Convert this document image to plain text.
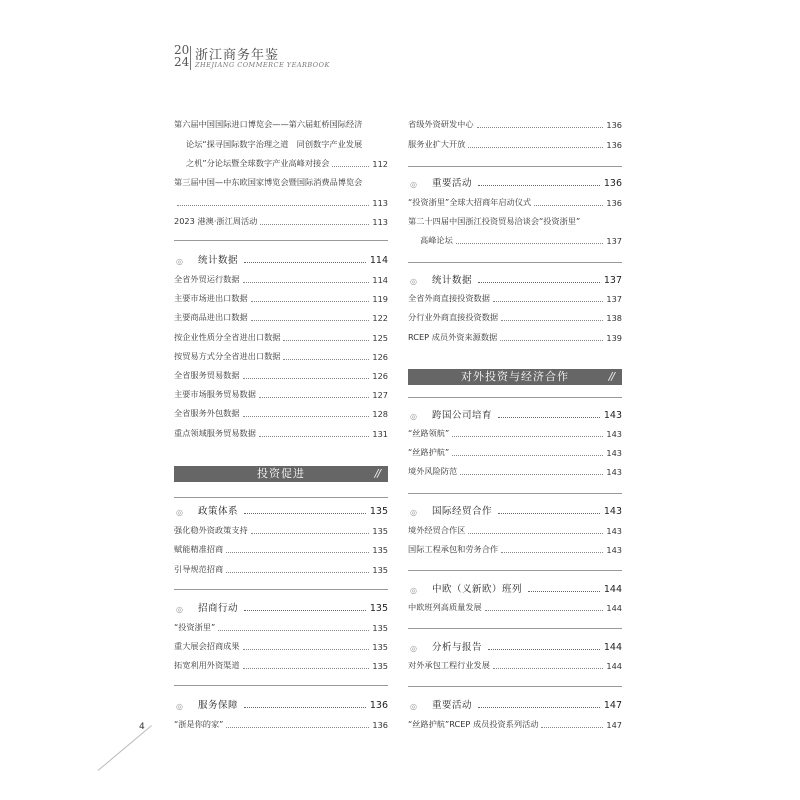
20
24 浙江商务年鉴
ZHEJIANG COMMERCE YEARBOOK
第六届中国国际进口博览会——第六届虹桥国际经济
论坛“探寻国际数字治理之道　同创数字产业发展
之机”分论坛暨全球数字产业高峰对接会	112
第三届中国—中东欧国家博览会暨国际消费品博览会
113
2023 港澳·浙江周活动	113
◎	统计数据	114
全省外贸运行数据	114
主要市场进出口数据	119
主要商品进出口数据	122
按企业性质分全省进出口数据	125
按贸易方式分全省进出口数据	126
全省服务贸易数据	126
主要市场服务贸易数据	127
全省服务外包数据	128
重点领域服务贸易数据	131
投资促进	//
◎	政策体系	135
强化稳外资政策支持	135
赋能精准招商	135
引导规范招商	135
◎	招商行动	135
“投资浙里”	135
重大展会招商成果	135
拓宽利用外资渠道	135
◎	服务保障	136
“浙是你的家”	136
省级外资研发中心	136
服务业扩大开放	136
◎	重要活动	136
“投资浙里”全球大招商年启动仪式	136
第二十四届中国浙江投资贸易洽谈会“投资浙里”
高峰论坛	137
◎	统计数据	137
全省外商直接投资数据	137
分行业外商直接投资数据	138
RCEP 成员外资来源数据	139
对外投资与经济合作	//
◎	跨国公司培育	143
“丝路领航”	143
“丝路护航”	143
境外风险防范	143
◎	国际经贸合作	143
境外经贸合作区	143
国际工程承包和劳务合作	143
◎	中欧（义新欧）班列	144
中欧班列高质量发展	144
◎	分析与报告	144
对外承包工程行业发展	144
◎	重要活动	147
“丝路护航”RCEP 成员投资系列活动	147
4
